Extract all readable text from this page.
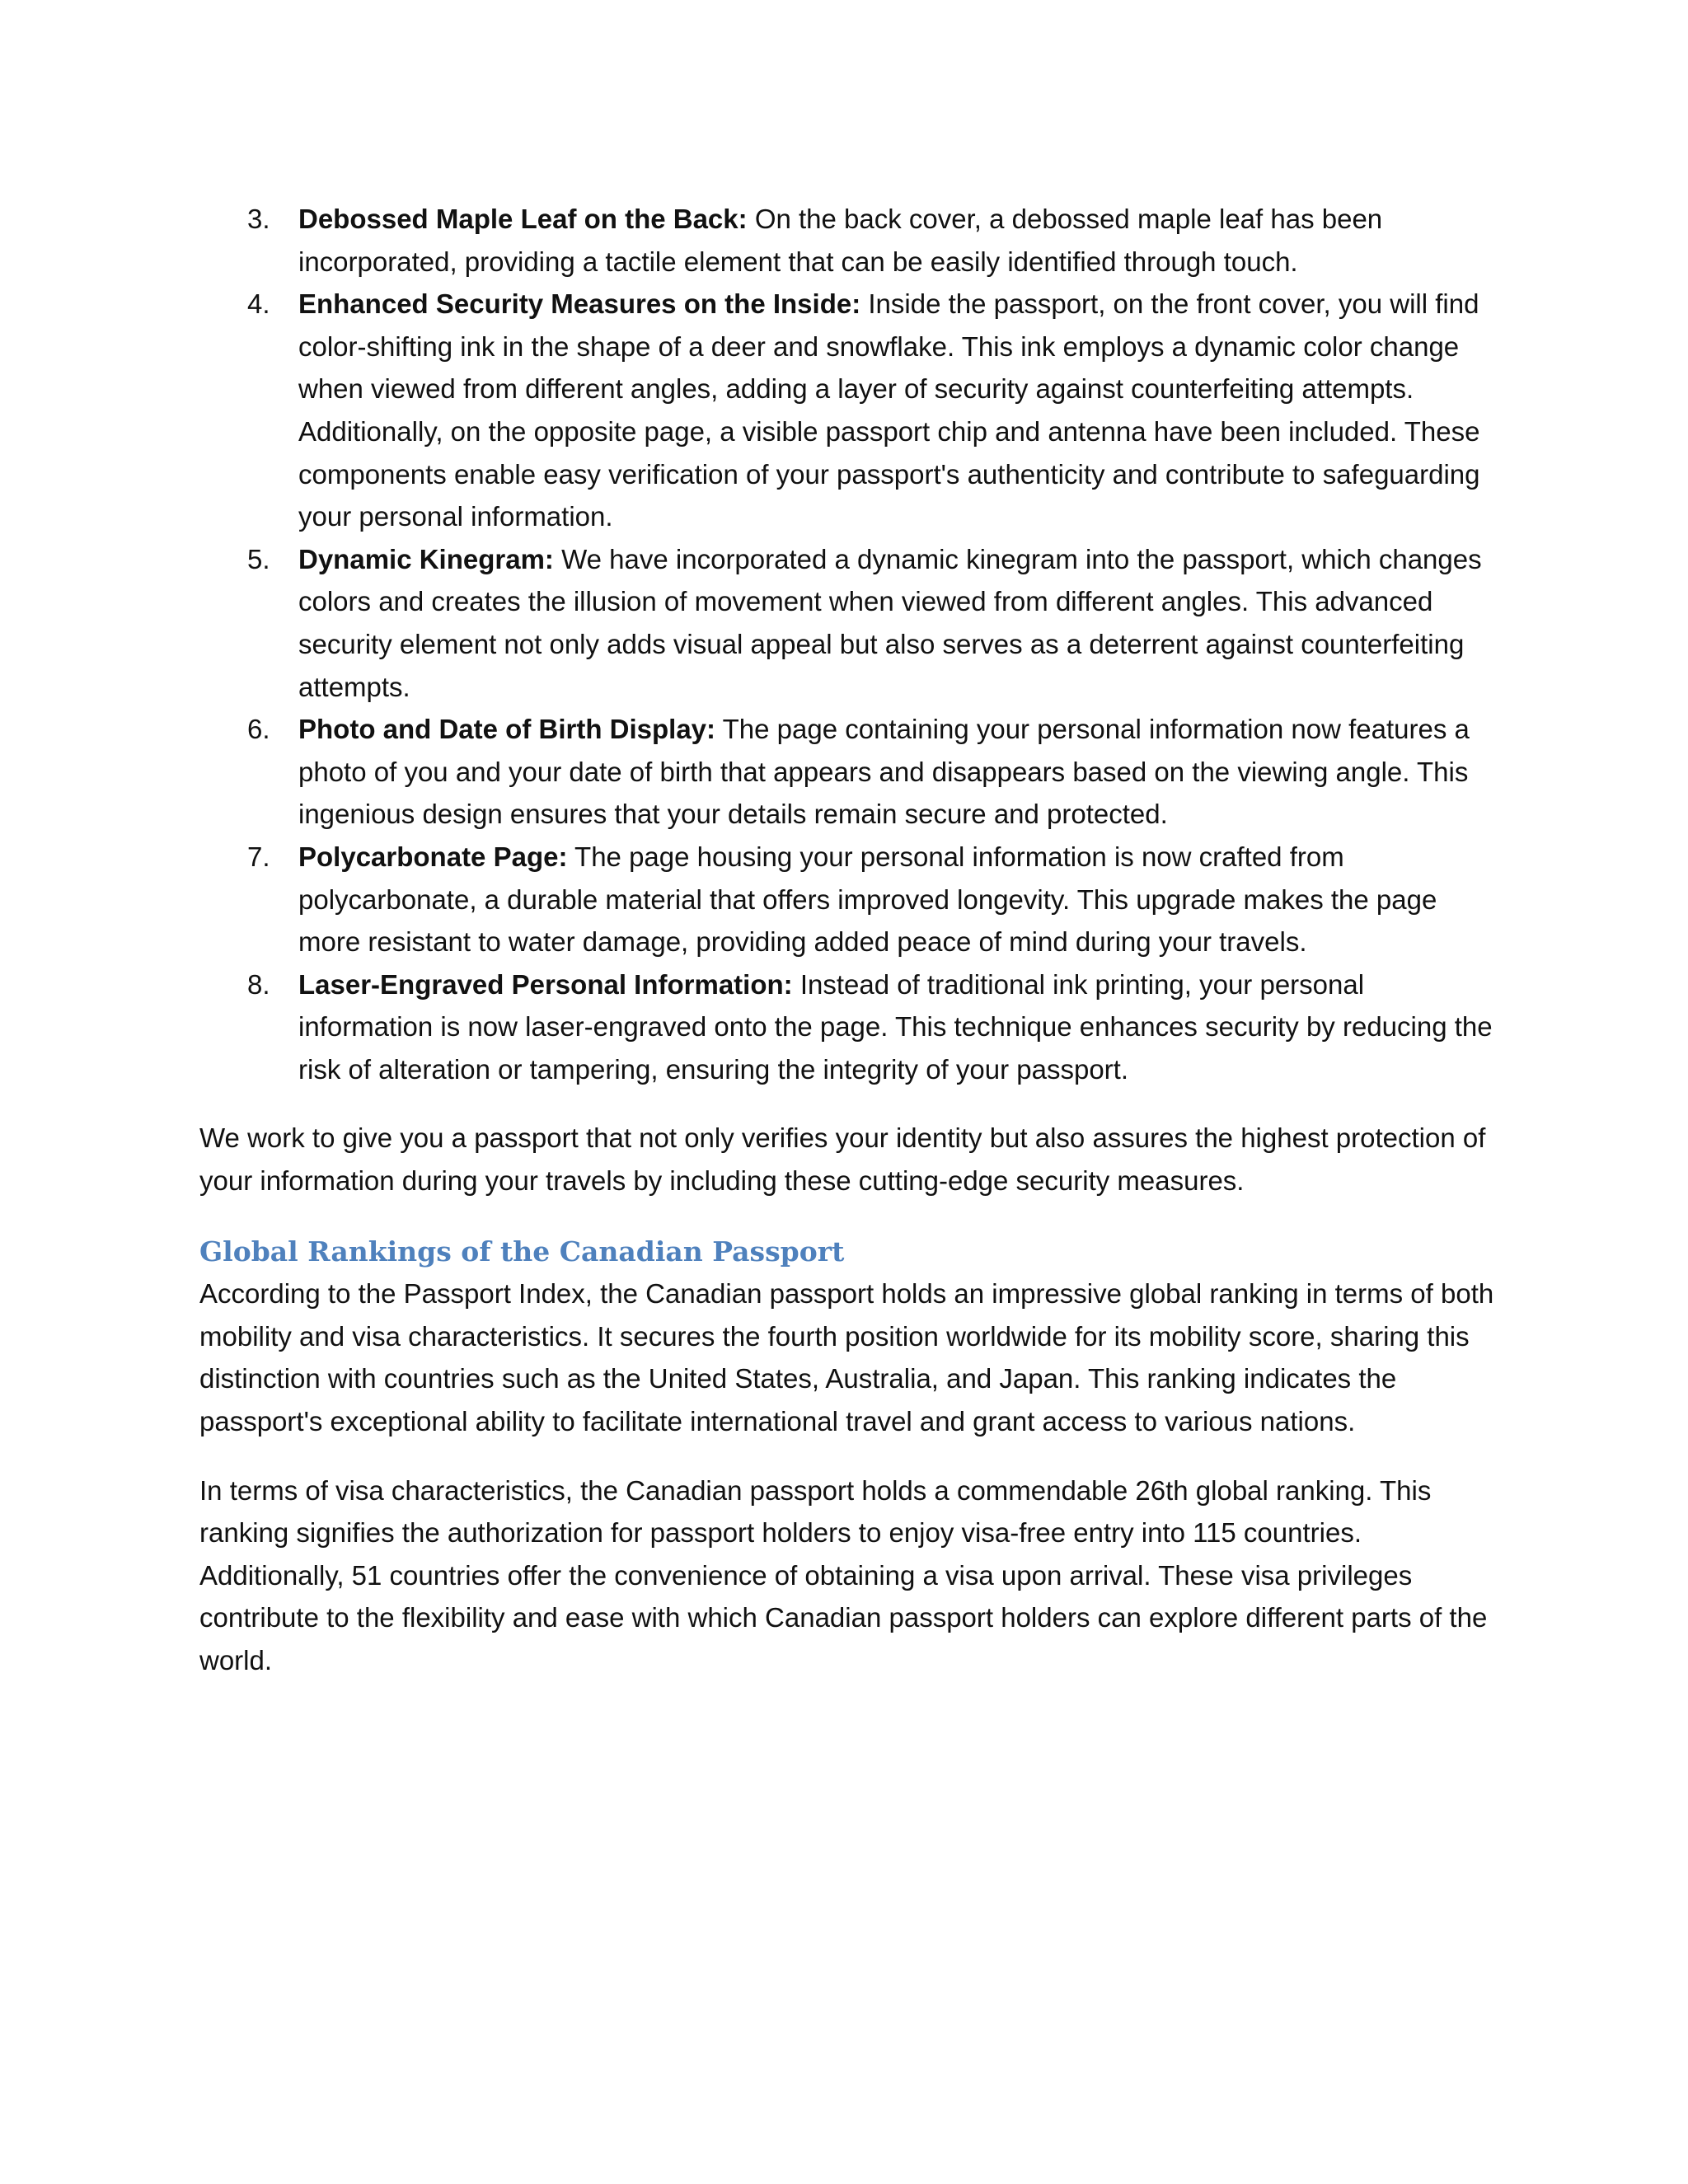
3. Debossed Maple Leaf on the Back: On the back cover, a debossed maple leaf has been incorporated, providing a tactile element that can be easily identified through touch.
4. Enhanced Security Measures on the Inside: Inside the passport, on the front cover, you will find color-shifting ink in the shape of a deer and snowflake. This ink employs a dynamic color change when viewed from different angles, adding a layer of security against counterfeiting attempts. Additionally, on the opposite page, a visible passport chip and antenna have been included. These components enable easy verification of your passport's authenticity and contribute to safeguarding your personal information.
5. Dynamic Kinegram: We have incorporated a dynamic kinegram into the passport, which changes colors and creates the illusion of movement when viewed from different angles. This advanced security element not only adds visual appeal but also serves as a deterrent against counterfeiting attempts.
6. Photo and Date of Birth Display: The page containing your personal information now features a photo of you and your date of birth that appears and disappears based on the viewing angle. This ingenious design ensures that your details remain secure and protected.
7. Polycarbonate Page: The page housing your personal information is now crafted from polycarbonate, a durable material that offers improved longevity. This upgrade makes the page more resistant to water damage, providing added peace of mind during your travels.
8. Laser-Engraved Personal Information: Instead of traditional ink printing, your personal information is now laser-engraved onto the page. This technique enhances security by reducing the risk of alteration or tampering, ensuring the integrity of your passport.

We work to give you a passport that not only verifies your identity but also assures the highest protection of your information during your travels by including these cutting-edge security measures.

Global Rankings of the Canadian Passport

According to the Passport Index, the Canadian passport holds an impressive global ranking in terms of both mobility and visa characteristics. It secures the fourth position worldwide for its mobility score, sharing this distinction with countries such as the United States, Australia, and Japan. This ranking indicates the passport's exceptional ability to facilitate international travel and grant access to various nations.

In terms of visa characteristics, the Canadian passport holds a commendable 26th global ranking. This ranking signifies the authorization for passport holders to enjoy visa-free entry into 115 countries. Additionally, 51 countries offer the convenience of obtaining a visa upon arrival. These visa privileges contribute to the flexibility and ease with which Canadian passport holders can explore different parts of the world.
